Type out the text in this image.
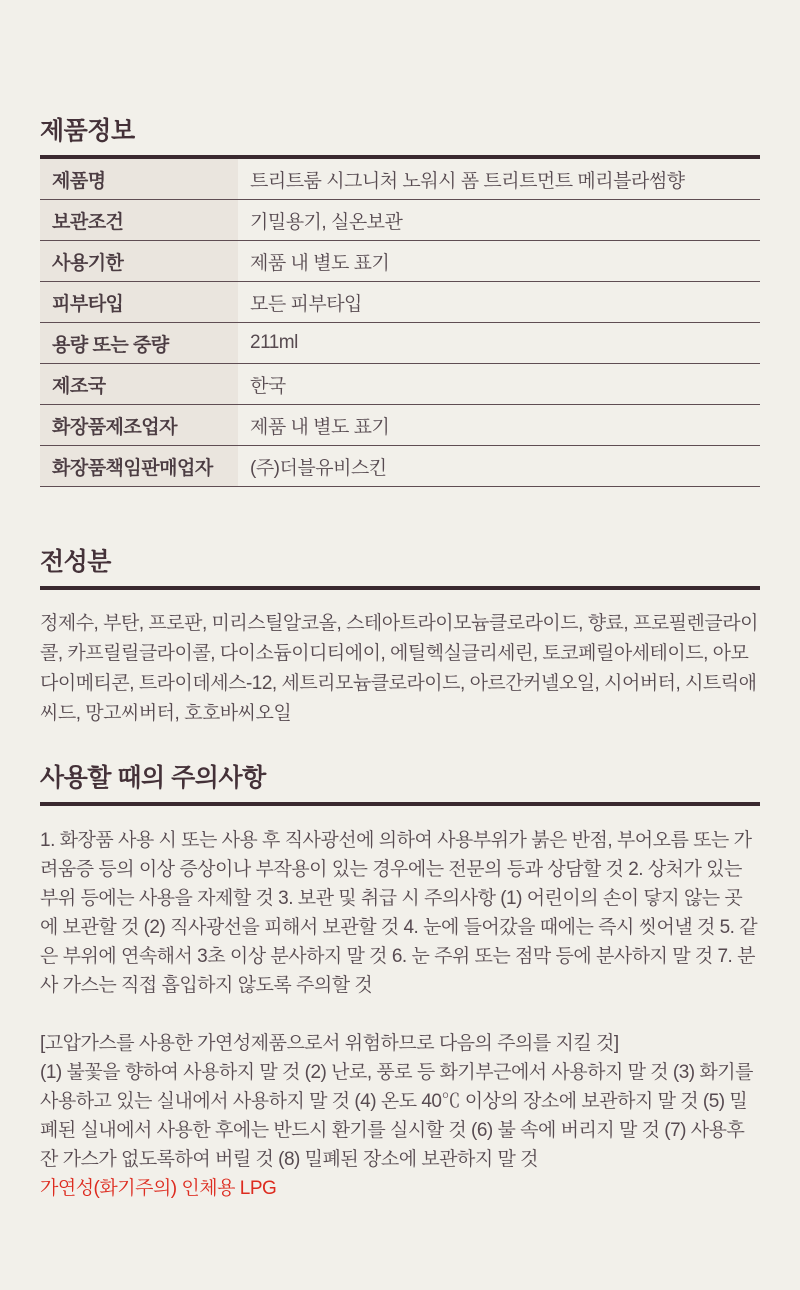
제품정보
제품명	트리트룸 시그니처 노워시 폼 트리트먼트 메리블라썸향
보관조건	기밀용기, 실온보관
사용기한	제품 내 별도 표기
피부타입	모든 피부타입
용량 또는 중량	211ml
제조국	한국
화장품제조업자	제품 내 별도 표기
화장품책임판매업자	(주)더블유비스킨
전성분

정제수, 부탄, 프로판, 미리스틸알코올, 스테아트라이모늄클로라이드, 향료, 프로필렌글라이콜, 카프릴릴글라이콜, 다이소듐이디티에이, 에틸헥실글리세린, 토코페릴아세테이드, 아모다이메티콘, 트라이데세스-12, 세트리모늄클로라이드, 아르간커넬오일, 시어버터, 시트릭애씨드, 망고씨버터, 호호바씨오일

사용할 때의 주의사항
1. 화장품 사용 시 또는 사용 후 직사광선에 의하여 사용부위가 붉은 반점, 부어오름 또는 가려움증 등의 이상 증상이나 부작용이 있는 경우에는 전문의 등과 상담할 것 2. 상처가 있는 부위 등에는 사용을 자제할 것 3. 보관 및 취급 시 주의사항 (1) 어린이의 손이 닿지 않는 곳에 보관할 것 (2) 직사광선을 피해서 보관할 것 4. 눈에 들어갔을 때에는 즉시 씻어낼 것 5. 같은 부위에 연속해서 3초 이상 분사하지 말 것 6. 눈 주위 또는 점막 등에 분사하지 말 것 7. 분사 가스는 직접 흡입하지 않도록 주의할 것
[고압가스를 사용한 가연성제품으로서 위험하므로 다음의 주의를 지킬 것]
(1) 불꽃을 향하여 사용하지 말 것 (2) 난로, 풍로 등 화기부근에서 사용하지 말 것 (3) 화기를 사용하고 있는 실내에서 사용하지 말 것 (4) 온도 40℃ 이상의 장소에 보관하지 말 것 (5) 밀폐된 실내에서 사용한 후에는 반드시 환기를 실시할 것 (6) 불 속에 버리지 말 것 (7) 사용후 잔 가스가 없도록하여 버릴 것 (8) 밀폐된 장소에 보관하지 말 것
가연성(화기주의) 인체용 LPG
